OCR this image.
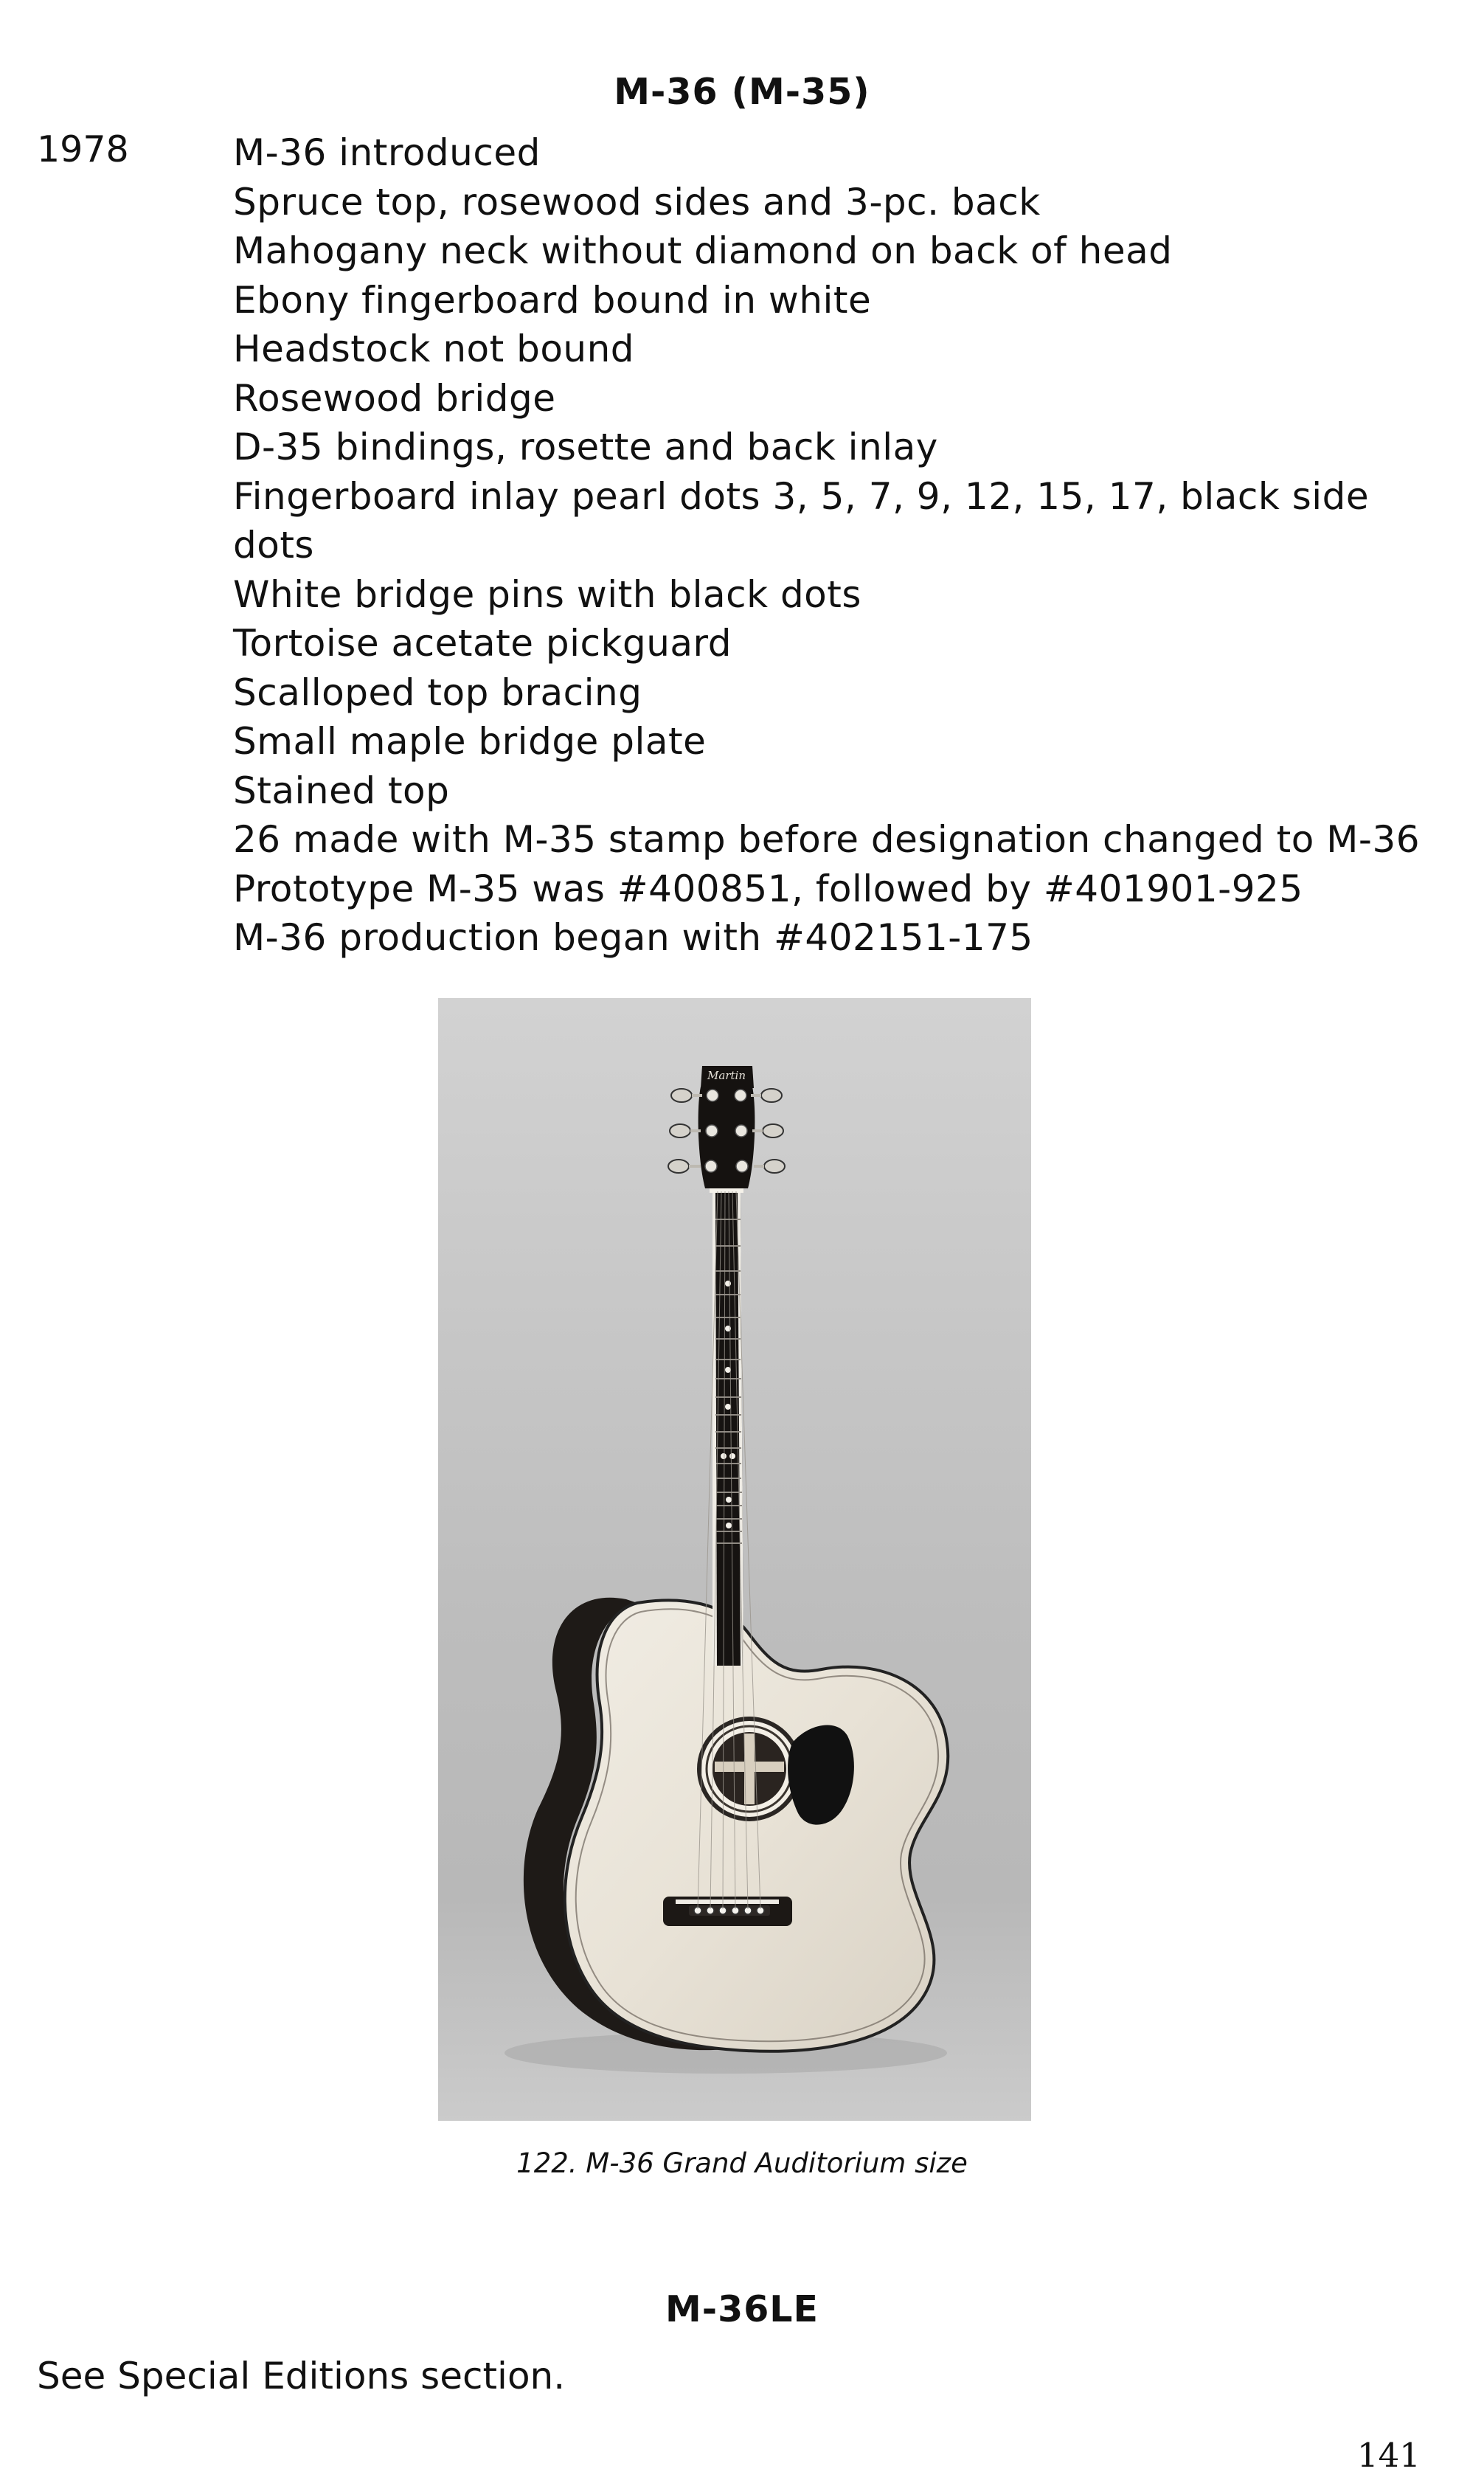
M-36 (M-35)
1978	M-36 introduced
Spruce top, rosewood sides and 3-pc. back
Mahogany neck without diamond on back of head
Ebony fingerboard bound in white
Headstock not bound
Rosewood bridge
D-35 bindings, rosette and back inlay
Fingerboard inlay pearl dots 3, 5, 7, 9, 12, 15, 17, black side dots
White bridge pins with black dots
Tortoise acetate pickguard
Scalloped top bracing
Small maple bridge plate
Stained top
26 made with M-35 stamp before designation changed to M-36
Prototype M-35 was #400851, followed by #401901-925
M-36 production began with #402151-175
Martin
122. M-36 Grand Auditorium size
M-36LE
See Special Editions section.
141
